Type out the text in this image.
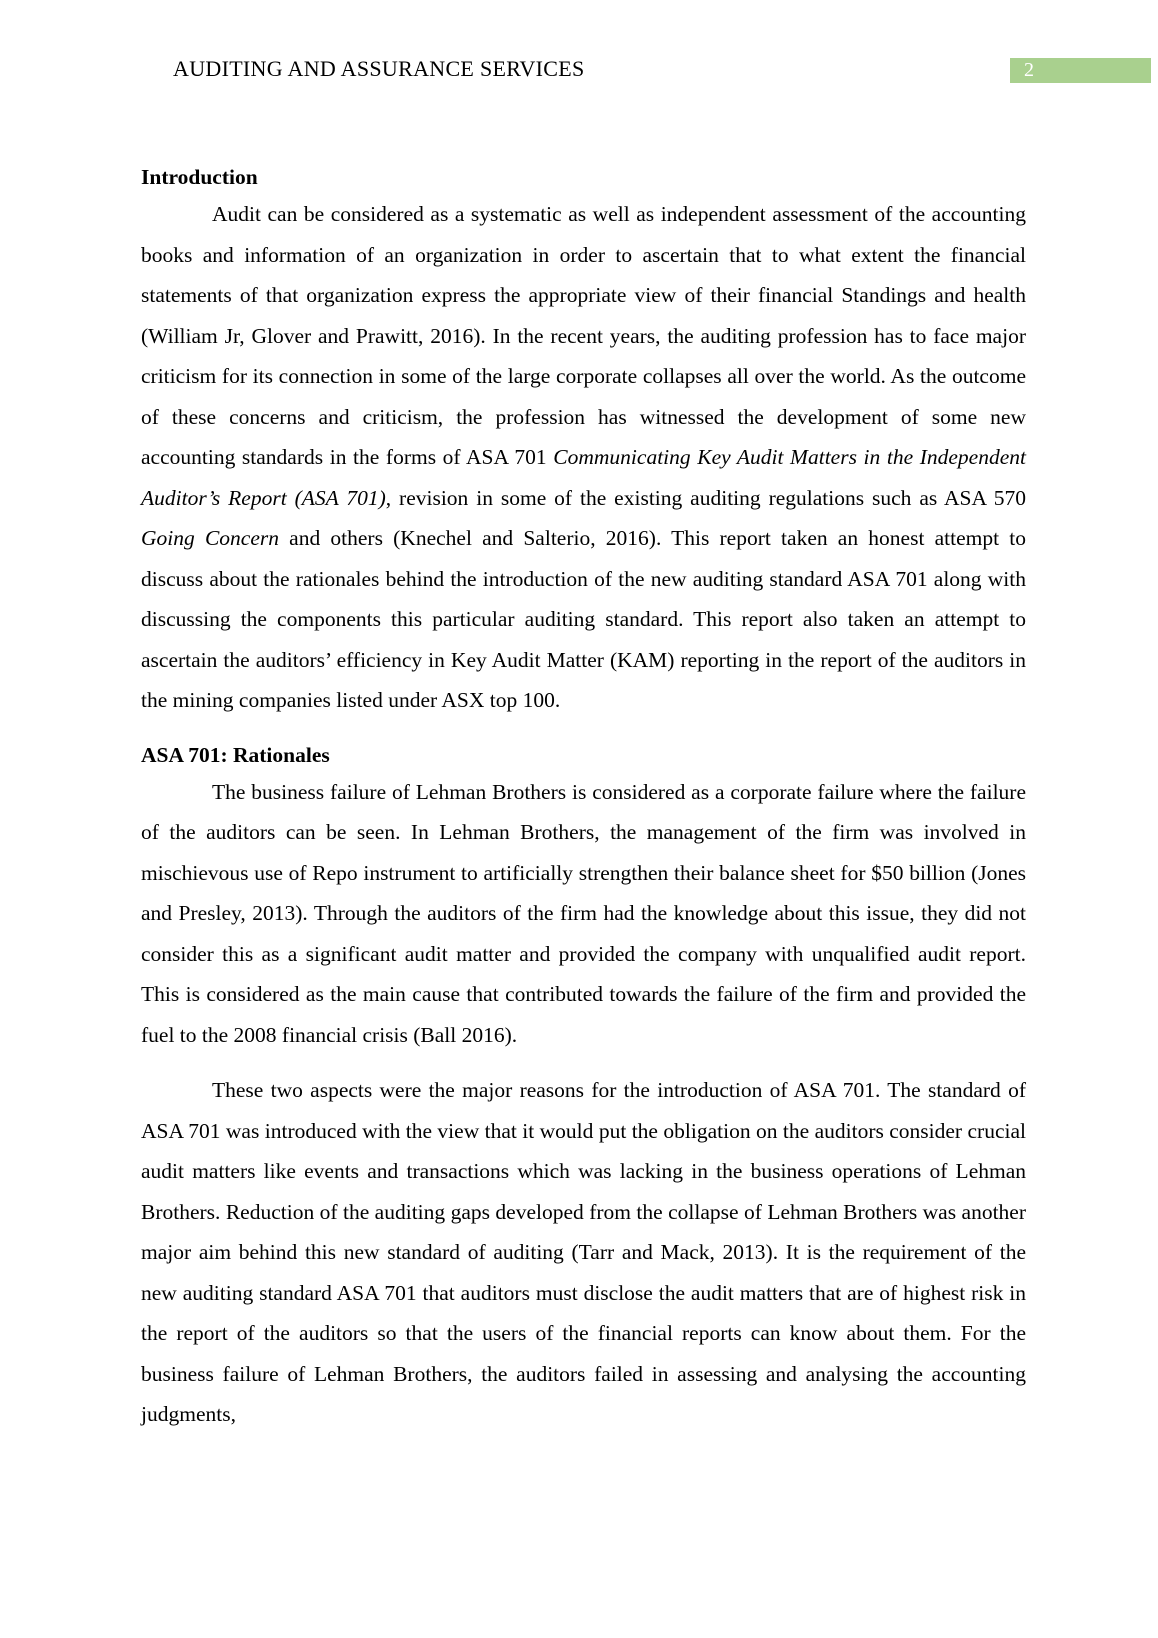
AUDITING AND ASSURANCE SERVICES	2
Introduction

Audit can be considered as a systematic as well as independent assessment of the accounting books and information of an organization in order to ascertain that to what extent the financial statements of that organization express the appropriate view of their financial Standings and health (William Jr, Glover and Prawitt, 2016). In the recent years, the auditing profession has to face major criticism for its connection in some of the large corporate collapses all over the world. As the outcome of these concerns and criticism, the profession has witnessed the development of some new accounting standards in the forms of ASA 701 Communicating Key Audit Matters in the Independent Auditor’s Report (ASA 701), revision in some of the existing auditing regulations such as ASA 570 Going Concern and others (Knechel and Salterio, 2016). This report taken an honest attempt to discuss about the rationales behind the introduction of the new auditing standard ASA 701 along with discussing the components this particular auditing standard. This report also taken an attempt to ascertain the auditors’ efficiency in Key Audit Matter (KAM) reporting in the report of the auditors in the mining companies listed under ASX top 100.

ASA 701: Rationales

The business failure of Lehman Brothers is considered as a corporate failure where the failure of the auditors can be seen. In Lehman Brothers, the management of the firm was involved in mischievous use of Repo instrument to artificially strengthen their balance sheet for $50 billion (Jones and Presley, 2013). Through the auditors of the firm had the knowledge about this issue, they did not consider this as a significant audit matter and provided the company with unqualified audit report. This is considered as the main cause that contributed towards the failure of the firm and provided the fuel to the 2008 financial crisis (Ball 2016).

These two aspects were the major reasons for the introduction of ASA 701. The standard of ASA 701 was introduced with the view that it would put the obligation on the auditors consider crucial audit matters like events and transactions which was lacking in the business operations of Lehman Brothers. Reduction of the auditing gaps developed from the collapse of Lehman Brothers was another major aim behind this new standard of auditing (Tarr and Mack, 2013). It is the requirement of the new auditing standard ASA 701 that auditors must disclose the audit matters that are of highest risk in the report of the auditors so that the users of the financial reports can know about them. For the business failure of Lehman Brothers, the auditors failed in assessing and analysing the accounting judgments,
